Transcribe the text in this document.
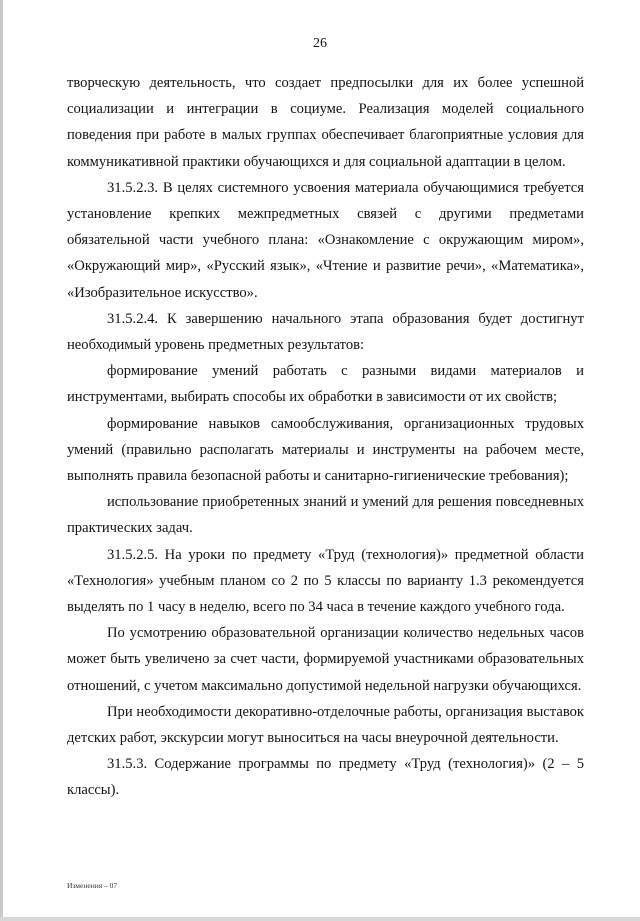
26

творческую деятельность, что создает предпосылки для их более успешной социализации и интеграции в социуме. Реализация моделей социального поведения при работе в малых группах обеспечивает благоприятные условия для коммуникативной практики обучающихся и для социальной адаптации в целом.

31.5.2.3. В целях системного усвоения материала обучающимися требуется установление крепких межпредметных связей с другими предметами обязательной части учебного плана: «Ознакомление с окружающим миром», «Окружающий мир», «Русский язык», «Чтение и развитие речи», «Математика», «Изобразительное искусство».

31.5.2.4. К завершению начального этапа образования будет достигнут необходимый уровень предметных результатов:

формирование умений работать с разными видами материалов и инструментами, выбирать способы их обработки в зависимости от их свойств;

формирование навыков самообслуживания, организационных трудовых умений (правильно располагать материалы и инструменты на рабочем месте, выполнять правила безопасной работы и санитарно-гигиенические требования);

использование приобретенных знаний и умений для решения повседневных практических задач.

31.5.2.5. На уроки по предмету «Труд (технология)» предметной области «Технология» учебным планом со 2 по 5 классы по варианту 1.3 рекомендуется выделять по 1 часу в неделю, всего по 34 часа в течение каждого учебного года.

По усмотрению образовательной организации количество недельных часов может быть увеличено за счет части, формируемой участниками образовательных отношений, с учетом максимально допустимой недельной нагрузки обучающихся.

При необходимости декоративно-отделочные работы, организация выставок детских работ, экскурсии могут выноситься на часы внеурочной деятельности.

31.5.3. Содержание программы по предмету «Труд (технология)» (2 – 5 классы).

Изменения – 07
